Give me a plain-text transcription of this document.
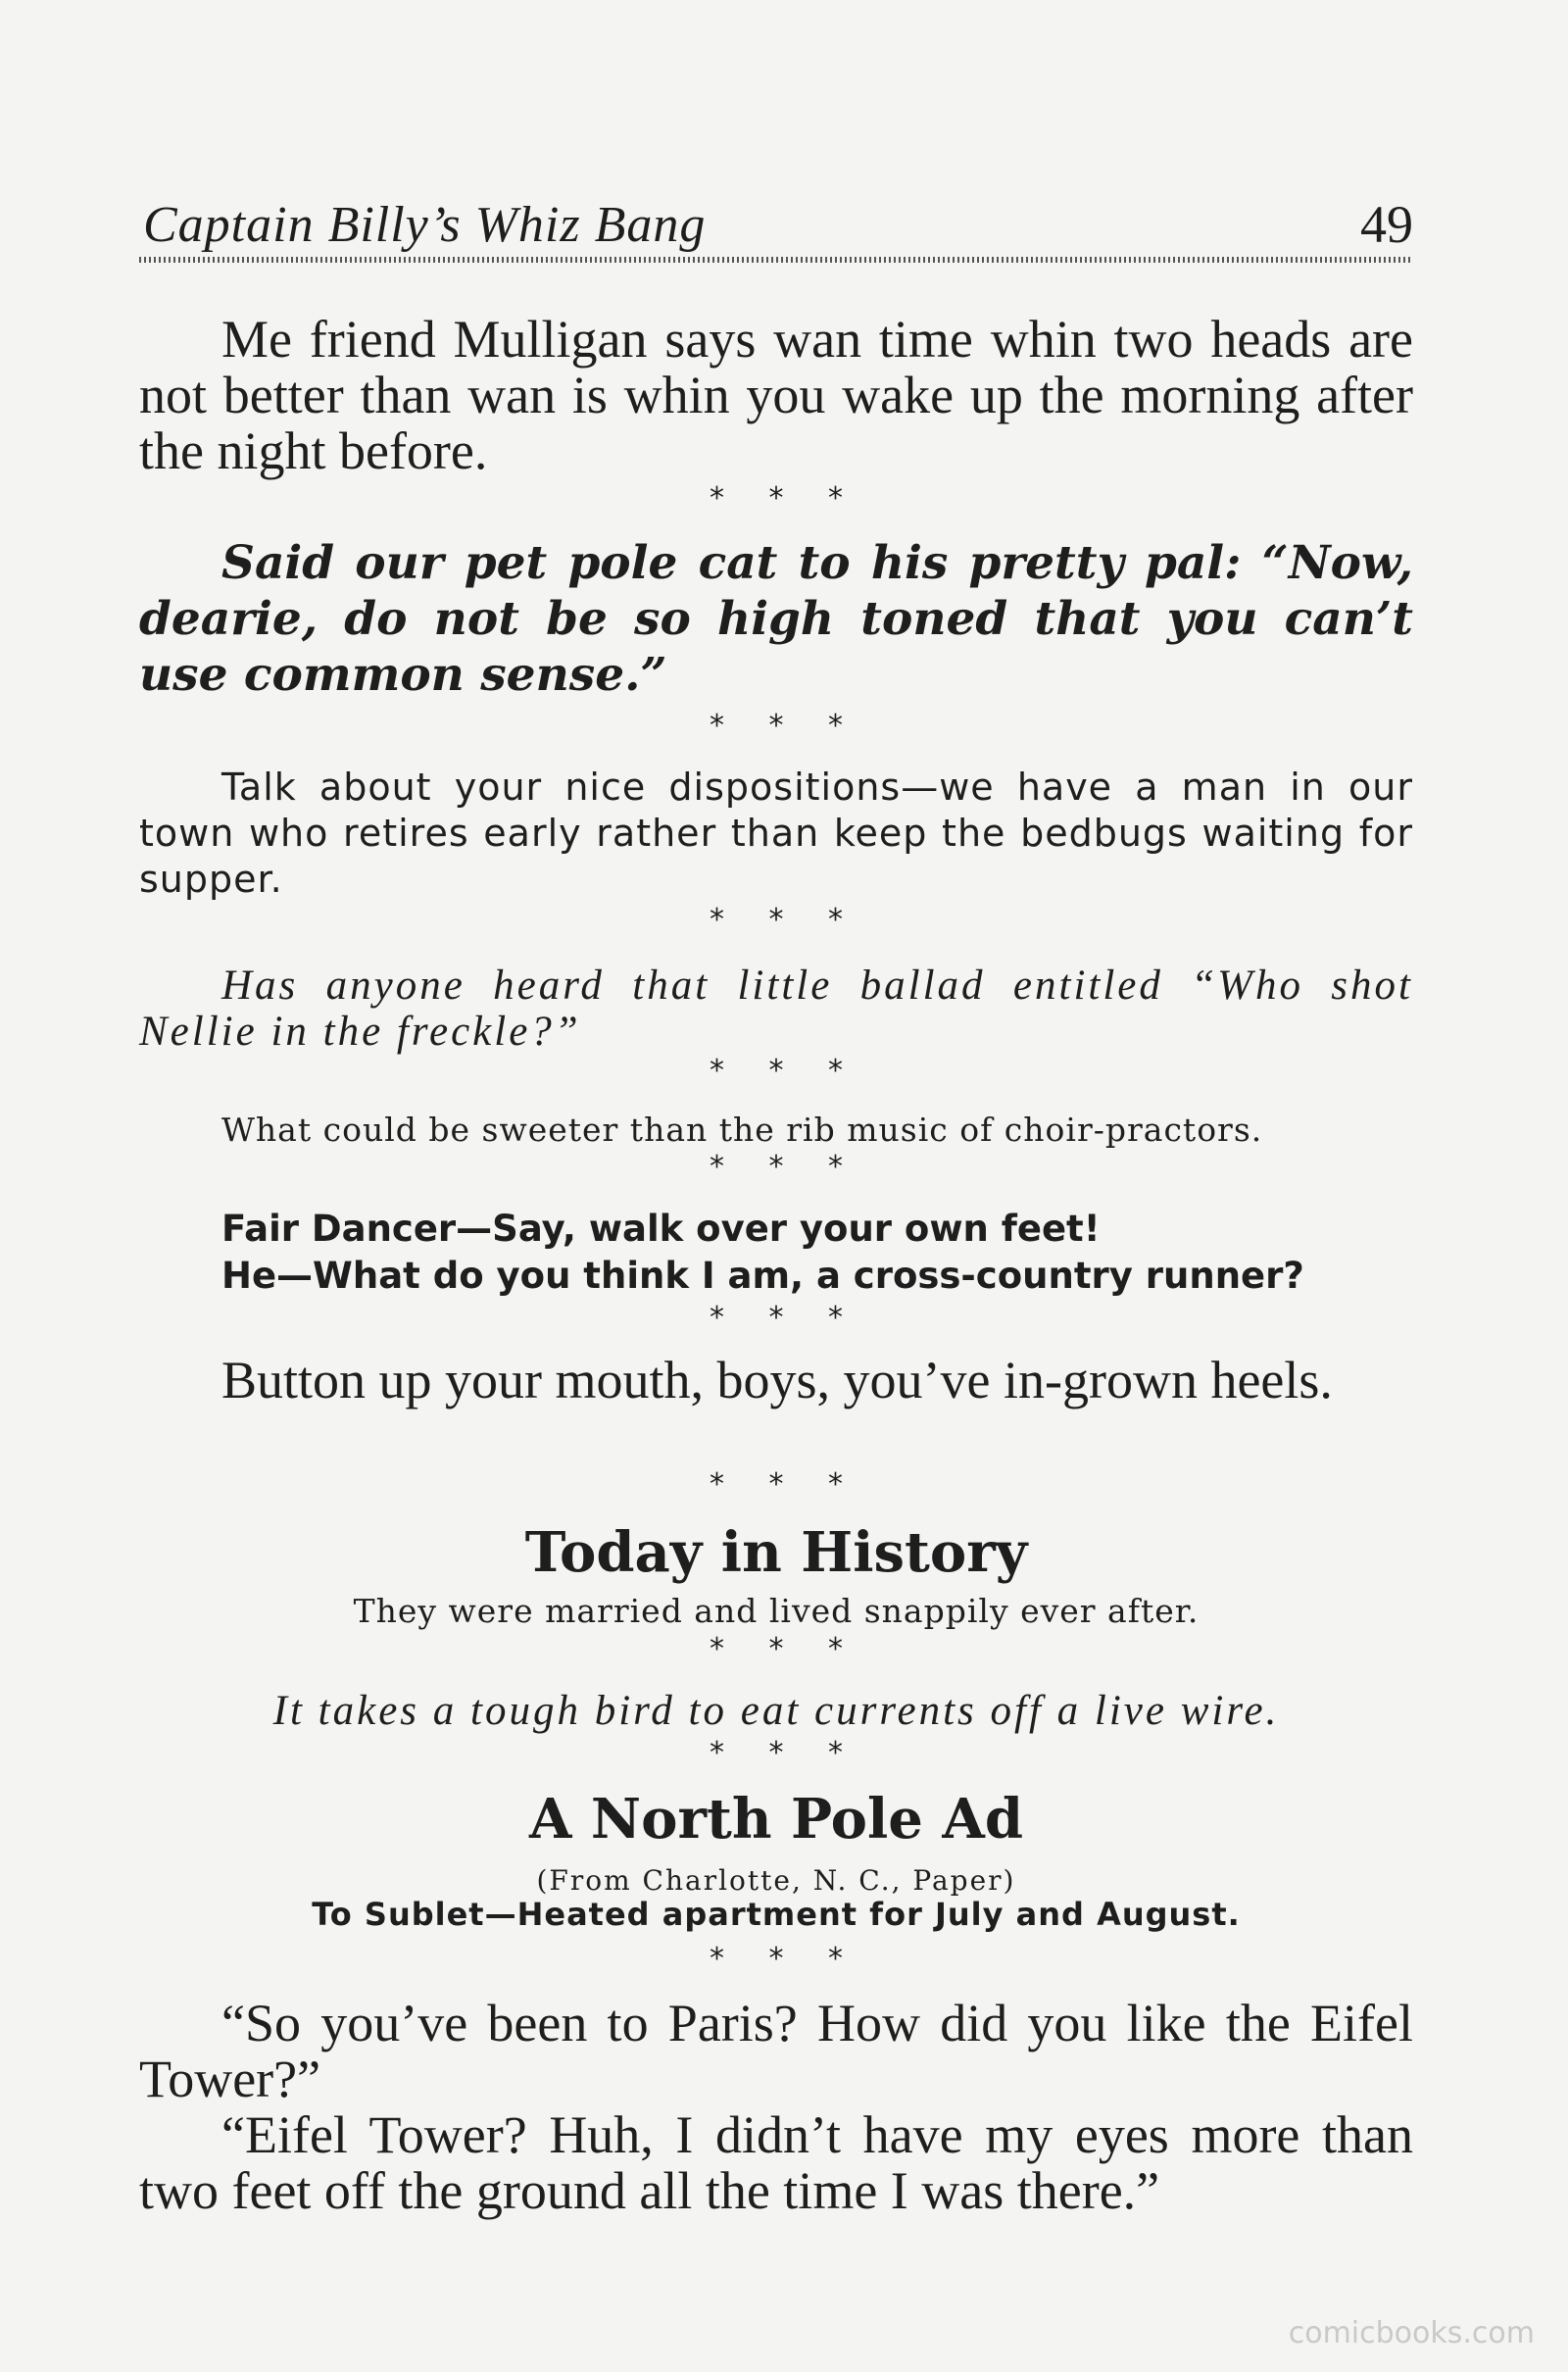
Captain Billy’s Whiz Bang	49
Me friend Mulligan says wan time whin two heads are not better than wan is whin you wake up the morning after the night before.
* * *
Said our pet pole cat to his pretty pal: “Now, dearie, do not be so high toned that you can’t use common sense.”
* * *
Talk about your nice dispositions—we have a man in our town who retires early rather than keep the bedbugs waiting for supper.
* * *
Has anyone heard that little ballad entitled “Who shot Nellie in the freckle?”
* * *
What could be sweeter than the rib music of choir-practors.
* * *
Fair Dancer—Say, walk over your own feet!
He—What do you think I am, a cross-country runner?
* * *
Button up your mouth, boys, you’ve in-grown heels.
* * *
Today in History
They were married and lived snappily ever after.
* * *
It takes a tough bird to eat currents off a live wire.
* * *
A North Pole Ad
(From Charlotte, N. C., Paper)
To Sublet—Heated apartment for July and August.
* * *
“So you’ve been to Paris? How did you like the Eifel Tower?”
“Eifel Tower? Huh, I didn’t have my eyes more than two feet off the ground all the time I was there.”
comicbooks.com
